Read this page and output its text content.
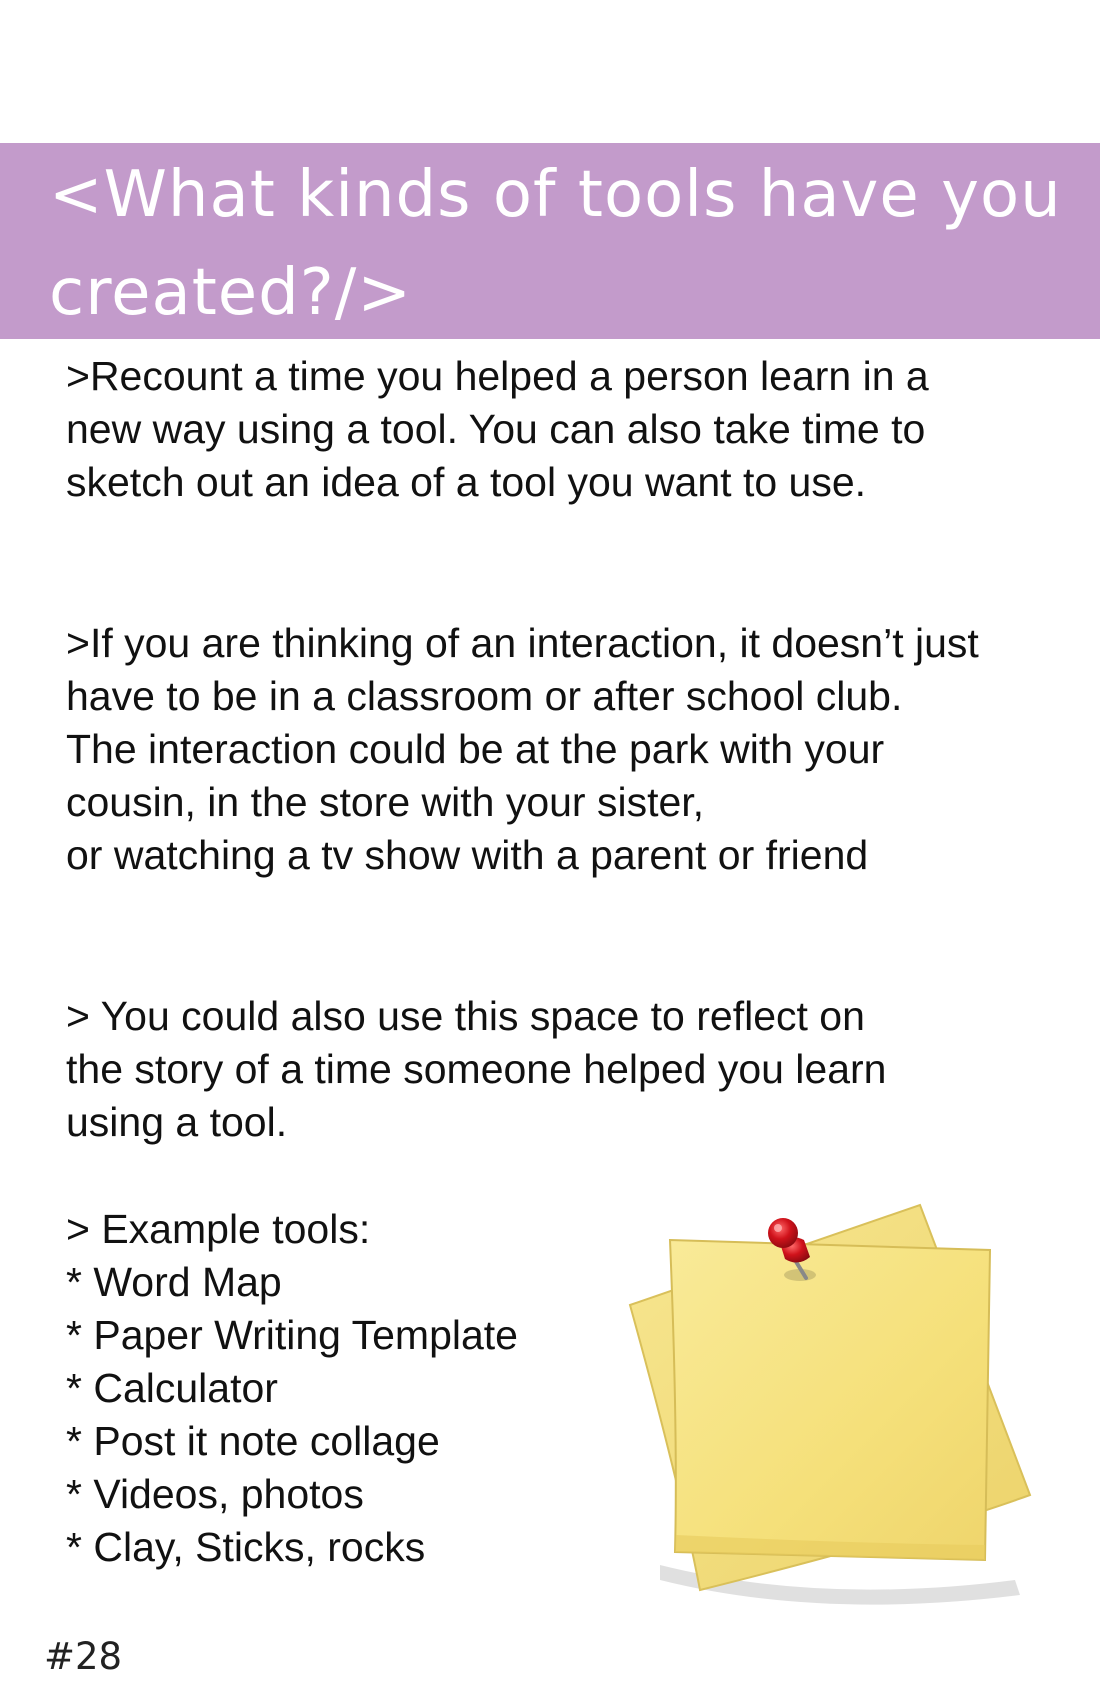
<What kinds of tools have you
created?/>
>Recount a time you helped a person learn in a
new way using a tool. You can also take time to
sketch out an idea of a tool you want to use.
>If you are thinking of an interaction, it doesn’t just
have to be in a classroom or after school club.
The interaction could be at the park with your
cousin, in the store with your sister,
or watching a tv show with a parent or friend
> You could also use this space to reflect on
the story of a time someone helped you learn
using a tool.
> Example tools:
* Word Map
* Paper Writing Template
* Calculator
* Post it note collage
* Videos, photos
* Clay, Sticks, rocks
#28
